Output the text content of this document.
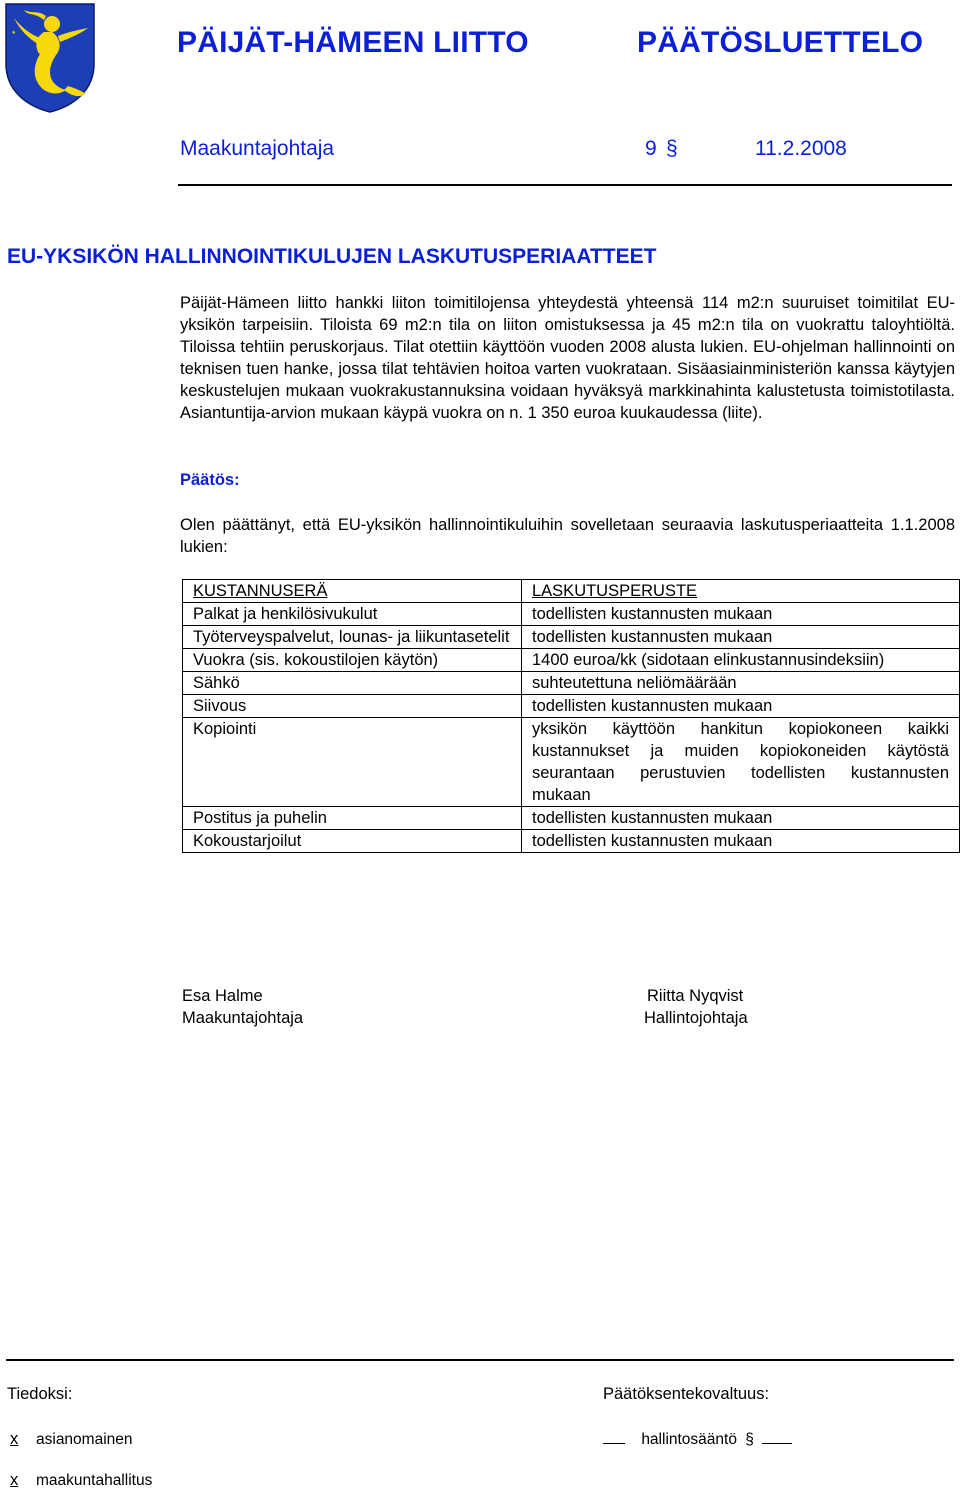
PÄIJÄT-HÄMEEN LIITTO	PÄÄTÖSLUETTELO
Maakuntajohtaja	9 §	11.2.2008
EU-YKSIKÖN HALLINNOINTIKULUJEN LASKUTUSPERIAATTEET
Päijät-Hämeen liitto hankki liiton toimitilojensa yhteydestä yhteensä 114 m2:n suuruiset toimitilat EU-yksikön tarpeisiin. Tiloista 69 m2:n tila on liiton omistuksessa ja 45 m2:n tila on vuokrattu taloyhtiöltä. Tiloissa tehtiin peruskorjaus. Tilat otettiin käyttöön vuoden 2008 alusta lukien. EU-ohjelman hallinnointi on teknisen tuen hanke, jossa tilat tehtävien hoitoa varten vuokrataan. Sisäasiainministeriön kanssa käytyjen keskustelujen mukaan vuokrakustannuksina voidaan hyväksyä markkinahinta kalustetusta toimistotilasta. Asiantuntija-arvion mukaan käypä vuokra on n. 1 350 euroa kuukaudessa (liite).
Päätös:
Olen päättänyt, että EU-yksikön hallinnointikuluihin sovelletaan seuraavia laskutusperiaatteita 1.1.2008 lukien:
KUSTANNUSERÄ	LASKUTUSPERUSTE
Palkat ja henkilösivukulut	todellisten kustannusten mukaan
Työterveyspalvelut, lounas- ja liikuntasetelit	todellisten kustannusten mukaan
Vuokra (sis. kokoustilojen käytön)	1400 euroa/kk (sidotaan elinkustannusindeksiin)
Sähkö	suhteutettuna neliömäärään
Siivous	todellisten kustannusten mukaan
Kopiointi	yksikön käyttöön hankitun kopiokoneen kaikki kustannukset ja muiden kopiokoneiden käytöstä seurantaan perustuvien todellisten kustannusten mukaan
Postitus ja puhelin	todellisten kustannusten mukaan
Kokoustarjoilut	todellisten kustannusten mukaan
Esa Halme
Maakuntajohtaja
Riitta Nyqvist
Hallintojohtaja
Tiedoksi:	Päätöksentekovaltuus:
x asianomainen	hallintosääntö §
x maakuntahallitus
